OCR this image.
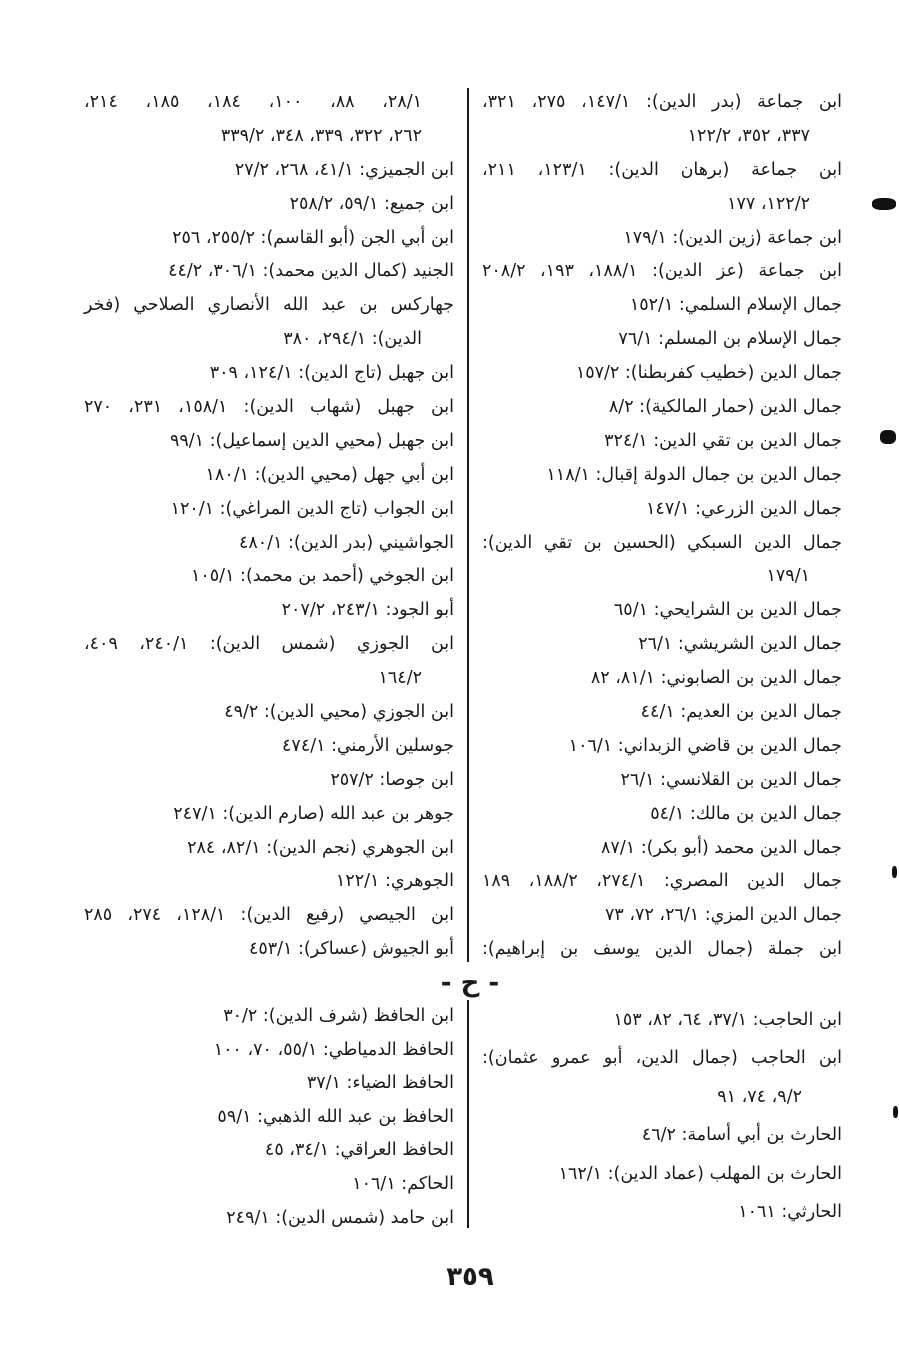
ابن جماعة (بدر الدين): ١٤٧/١، ٢٧٥، ٣٢١،
٣٣٧، ٣٥٢، ١٢٢/٢
ابن جماعة (برهان الدين): ١٢٣/١، ٢١١،
١٢٢/٢، ١٧٧
ابن جماعة (زين الدين): ١٧٩/١
ابن جماعة (عز الدين): ١٨٨/١، ١٩٣، ٢٠٨/٢
جمال الإسلام السلمي: ١٥٢/١
جمال الإسلام بن المسلم: ٧٦/١
جمال الدين (خطيب كفربطنا): ١٥٧/٢
جمال الدين (حمار المالكية): ٨/٢
جمال الدين بن تقي الدين: ٣٢٤/١
جمال الدين بن جمال الدولة إقبال: ١١٨/١
جمال الدين الزرعي: ١٤٧/١
جمال الدين السبكي (الحسين بن تقي الدين):
١٧٩/١
جمال الدين بن الشرايحي: ٦٥/١
جمال الدين الشريشي: ٢٦/١
جمال الدين بن الصابوني: ٨١/١، ٨٢
جمال الدين بن العديم: ٤٤/١
جمال الدين بن قاضي الزبداني: ١٠٦/١
جمال الدين بن القلانسي: ٢٦/١
جمال الدين بن مالك: ٥٤/١
جمال الدين محمد (أبو بكر): ٨٧/١
جمال الدين المصري: ٢٧٤/١، ١٨٨/٢، ١٨٩
جمال الدين المزي: ٢٦/١، ٧٢، ٧٣
ابن جملة (جمال الدين يوسف بن إبراهيم):
٢٨/١، ٨٨، ١٠٠، ١٨٤، ١٨٥، ٢١٤،
٢٦٢، ٣٢٢، ٣٣٩، ٣٤٨، ٣٣٩/٢
ابن الجميزي: ٤١/١، ٢٦٨، ٢٧/٢
ابن جميع: ٥٩/١، ٢٥٨/٢
ابن أبي الجن (أبو القاسم): ٢٥٥/٢، ٢٥٦
الجنيد (كمال الدين محمد): ٣٠٦/١، ٤٤/٢
جهاركس بن عبد الله الأنصاري الصلاحي (فخر
الدين): ٢٩٤/١، ٣٨٠
ابن جهبل (تاج الدين): ١٢٤/١، ٣٠٩
ابن جهبل (شهاب الدين): ١٥٨/١، ٢٣١، ٢٧٠
ابن جهبل (محيي الدين إسماعيل): ٩٩/١
ابن أبي جهل (محيي الدين): ١٨٠/١
ابن الجواب (تاج الدين المراغي): ١٢٠/١
الجواشيني (بدر الدين): ٤٨٠/١
ابن الجوخي (أحمد بن محمد): ١٠٥/١
أبو الجود: ٢٤٣/١، ٢٠٧/٢
ابن الجوزي (شمس الدين): ٢٤٠/١، ٤٠٩،
١٦٤/٢
ابن الجوزي (محيي الدين): ٤٩/٢
جوسلين الأرمني: ٤٧٤/١
ابن جوصا: ٢٥٧/٢
جوهر بن عبد الله (صارم الدين): ٢٤٧/١
ابن الجوهري (نجم الدين): ٨٢/١، ٢٨٤
الجوهري: ١٢٢/١
ابن الجيصي (رفيع الدين): ١٢٨/١، ٢٧٤، ٢٨٥
أبو الجيوش (عساكر): ٤٥٣/١
- ح -
ابن الحاجب: ٣٧/١، ٦٤، ٨٢، ١٥٣
ابن الحاجب (جمال الدين، أبو عمرو عثمان):
٩/٢، ٧٤، ٩١
الحارث بن أبي أسامة: ٤٦/٢
الحارث بن المهلب (عماد الدين): ١٦٢/١
الحارثي: ١٠٦١
ابن الحافظ (شرف الدين): ٣٠/٢
الحافظ الدمياطي: ٥٥/١، ٧٠، ١٠٠
الحافظ الضياء: ٣٧/١
الحافظ بن عبد الله الذهبي: ٥٩/١
الحافظ العراقي: ٣٤/١، ٤٥
الحاكم: ١٠٦/١
ابن حامد (شمس الدين): ٢٤٩/١
٣٥٩
